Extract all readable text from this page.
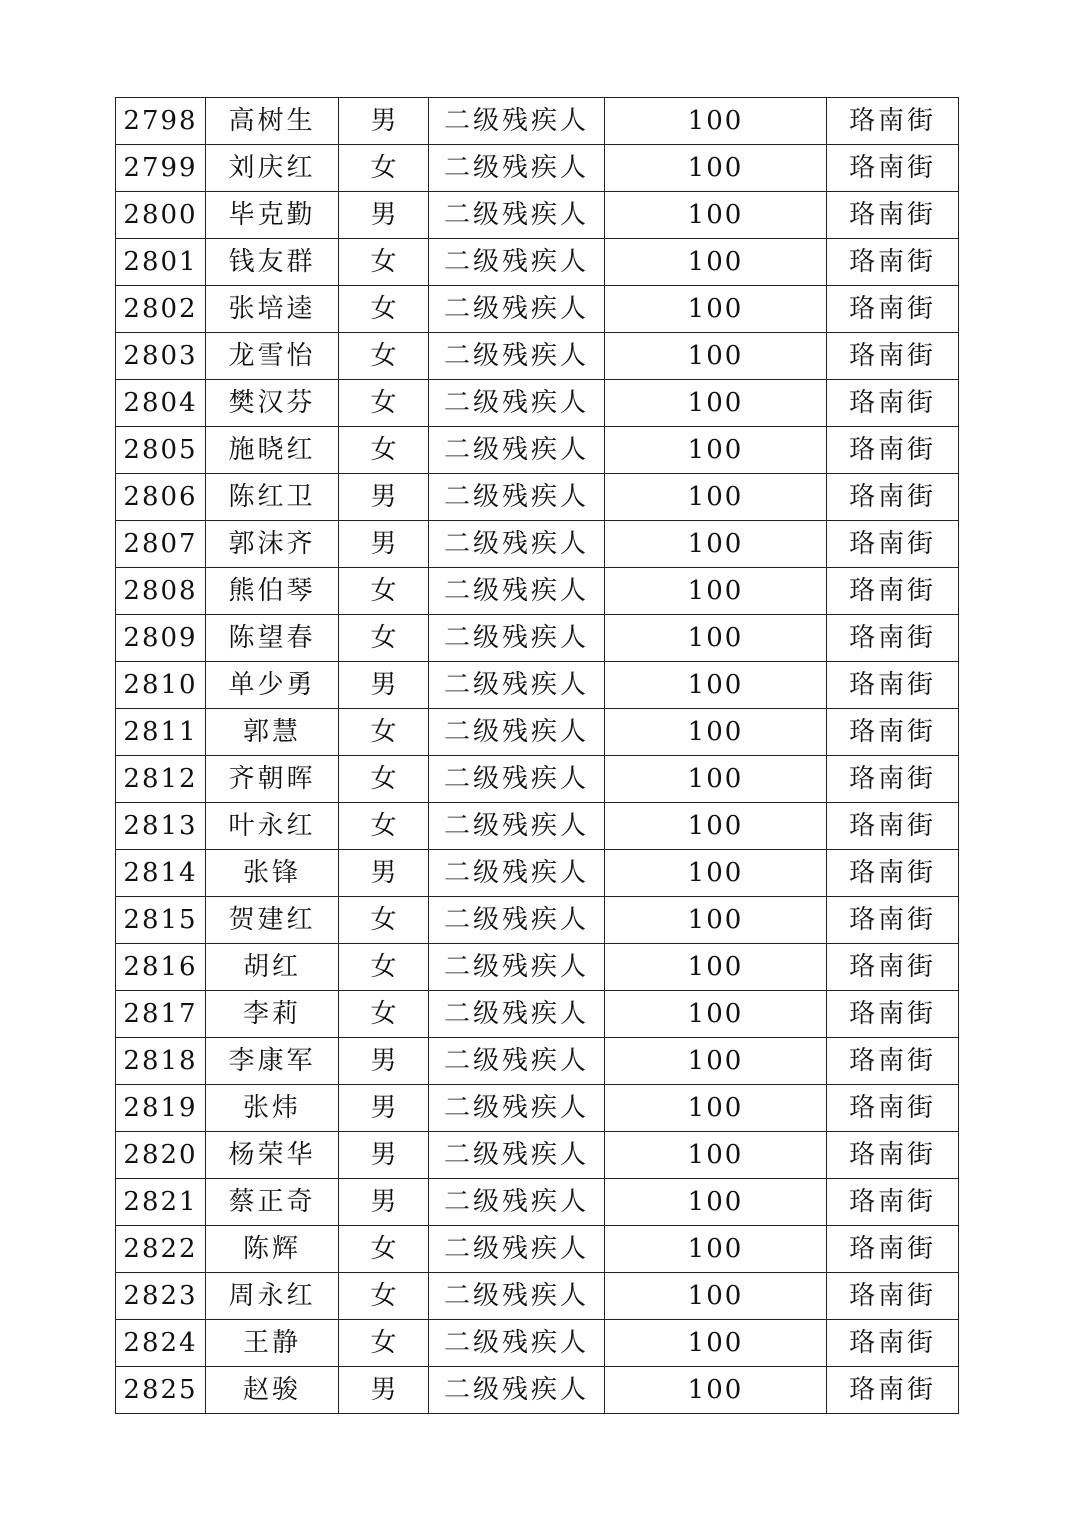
2798	高树生	男	二级残疾人	100	珞南街
2799	刘庆红	女	二级残疾人	100	珞南街
2800	毕克勤	男	二级残疾人	100	珞南街
2801	钱友群	女	二级残疾人	100	珞南街
2802	张培逵	女	二级残疾人	100	珞南街
2803	龙雪怡	女	二级残疾人	100	珞南街
2804	樊汉芬	女	二级残疾人	100	珞南街
2805	施晓红	女	二级残疾人	100	珞南街
2806	陈红卫	男	二级残疾人	100	珞南街
2807	郭沫齐	男	二级残疾人	100	珞南街
2808	熊伯琴	女	二级残疾人	100	珞南街
2809	陈望春	女	二级残疾人	100	珞南街
2810	单少勇	男	二级残疾人	100	珞南街
2811	郭慧	女	二级残疾人	100	珞南街
2812	齐朝晖	女	二级残疾人	100	珞南街
2813	叶永红	女	二级残疾人	100	珞南街
2814	张锋	男	二级残疾人	100	珞南街
2815	贺建红	女	二级残疾人	100	珞南街
2816	胡红	女	二级残疾人	100	珞南街
2817	李莉	女	二级残疾人	100	珞南街
2818	李康军	男	二级残疾人	100	珞南街
2819	张炜	男	二级残疾人	100	珞南街
2820	杨荣华	男	二级残疾人	100	珞南街
2821	蔡正奇	男	二级残疾人	100	珞南街
2822	陈辉	女	二级残疾人	100	珞南街
2823	周永红	女	二级残疾人	100	珞南街
2824	王静	女	二级残疾人	100	珞南街
2825	赵骏	男	二级残疾人	100	珞南街
